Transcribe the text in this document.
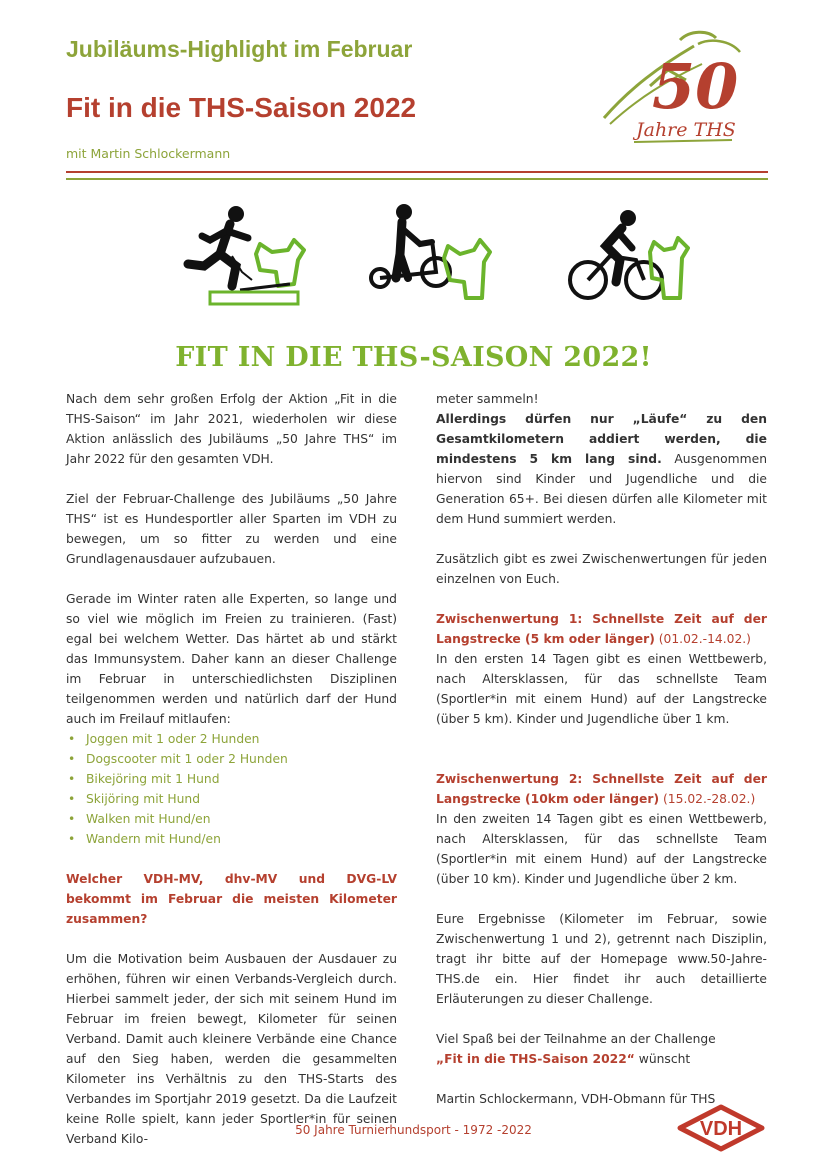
Jubiläums-Highlight im Februar
Fit in die THS-Saison 2022
mit Martin Schlockermann
50
Jahre THS
FIT IN DIE THS-SAISON 2022!

Nach dem sehr großen Erfolg der Aktion „Fit in die THS-Saison“ im Jahr 2021, wiederholen wir diese Aktion anlässlich des Jubiläums „50 Jahre THS“ im Jahr 2022 für den gesamten VDH.

Ziel der Februar-Challenge des Jubiläums „50 Jahre THS“ ist es Hundesportler aller Sparten im VDH zu bewegen, um so fitter zu werden und eine Grundlagenausdauer aufzubauen.

Gerade im Winter raten alle Experten, so lange und so viel wie möglich im Freien zu trainieren. (Fast) egal bei welchem Wetter. Das härtet ab und stärkt das Immunsystem. Daher kann an dieser Challenge im Februar in unterschiedlichsten Disziplinen teilgenommen werden und natürlich darf der Hund auch im Freilauf mitlaufen:

• Joggen mit 1 oder 2 Hunden
• Dogscooter mit 1 oder 2 Hunden
• Bikejöring mit 1 Hund
• Skijöring mit Hund
• Walken mit Hund/en
• Wandern mit Hund/en

Welcher VDH-MV, dhv-MV und DVG-LV bekommt im Februar die meisten Kilometer zusammen?

Um die Motivation beim Ausbauen der Ausdauer zu erhöhen, führen wir einen Verbands-Vergleich durch. Hierbei sammelt jeder, der sich mit seinem Hund im Februar im freien bewegt, Kilometer für seinen Verband. Damit auch kleinere Verbände eine Chance auf den Sieg haben, werden die gesammelten Kilometer ins Verhältnis zu den THS-Starts des Verbandes im Sportjahr 2019 gesetzt. Da die Laufzeit keine Rolle spielt, kann jeder Sportler*in für seinen Verband Kilo-

meter sammeln!

Allerdings dürfen nur „Läufe“ zu den Gesamtkilometern addiert werden, die mindestens 5 km lang sind. Ausgenommen hiervon sind Kinder und Jugendliche und die Generation 65+. Bei diesen dürfen alle Kilometer mit dem Hund summiert werden.

Zusätzlich gibt es zwei Zwischenwertungen für jeden einzelnen von Euch.

Zwischenwertung 1: Schnellste Zeit auf der Langstrecke (5 km oder länger) (01.02.-14.02.)

In den ersten 14 Tagen gibt es einen Wettbewerb, nach Altersklassen, für das schnellste Team (Sportler*in mit einem Hund) auf der Langstrecke (über 5 km). Kinder und Jugendliche über 1 km.

Zwischenwertung 2: Schnellste Zeit auf der Langstrecke (10km oder länger) (15.02.-28.02.)

In den zweiten 14 Tagen gibt es einen Wettbewerb, nach Altersklassen, für das schnellste Team (Sportler*in mit einem Hund) auf der Langstrecke (über 10 km). Kinder und Jugendliche über 2 km.

Eure Ergebnisse (Kilometer im Februar, sowie Zwischenwertung 1 und 2), getrennt nach Disziplin, tragt ihr bitte auf der Homepage www.50-Jahre-THS.de ein. Hier findet ihr auch detaillierte Erläuterungen zu dieser Challenge.

Viel Spaß bei der Teilnahme an der Challenge
„Fit in die THS-Saison 2022“ wünscht

Martin Schlockermann, VDH-Obmann für THS

50 Jahre Turnierhundsport - 1972 -2022	VDH
